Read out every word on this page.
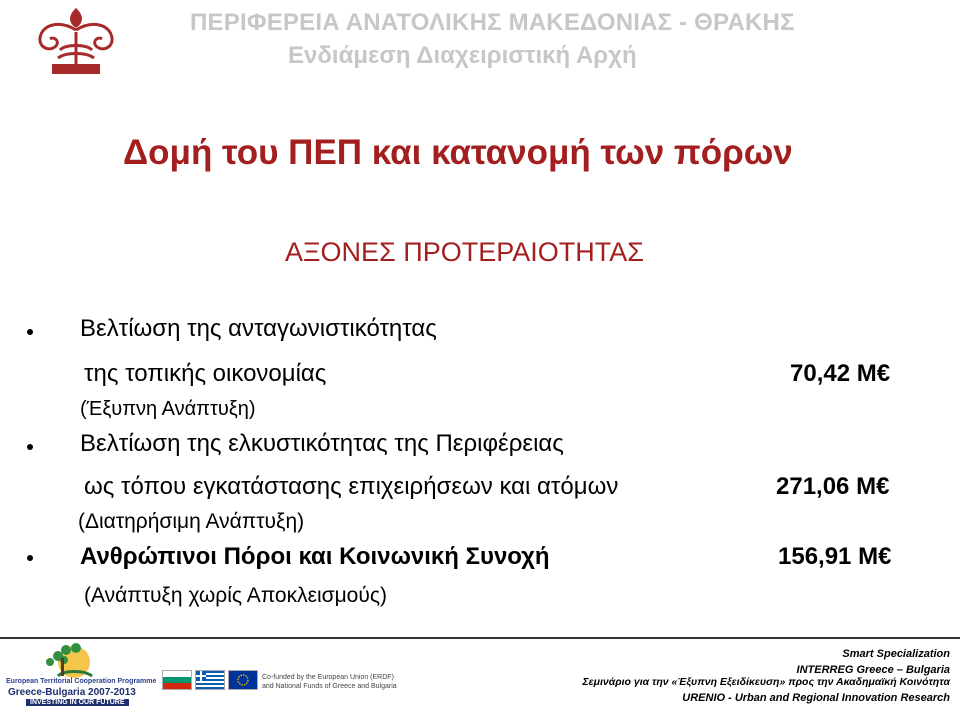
ΠΕΡΙΦΕΡΕΙΑ ΑΝΑΤΟΛΙΚΗΣ ΜΑΚΕΔΟΝΙΑΣ - ΘΡΑΚΗΣ
Ενδιάμεση Διαχειριστική Αρχή
Δομή του ΠΕΠ και κατανομή των πόρων
ΑΞΟΝΕΣ ΠΡΟΤΕΡΑΙΟΤΗΤΑΣ
Βελτίωση της ανταγωνιστικότητας
της τοπικής οικονομίας
(Έξυπνη Ανάπτυξη)
70,42 Μ€
Βελτίωση της ελκυστικότητας της Περιφέρειας
ως τόπου εγκατάστασης επιχειρήσεων και ατόμων
(Διατηρήσιμη Ανάπτυξη)
271,06 Μ€
Ανθρώπινοι Πόροι και Κοινωνική Συνοχή
(Ανάπτυξη χωρίς Αποκλεισμούς)
156,91 Μ€
European Territorial Cooperation Programme
Greece-Bulgaria 2007-2013
INVESTING IN OUR FUTURE
Co-funded by the European Union (ERDF)
and National Funds of Greece and Bulgaria
Smart Specialization
INTERREG Greece – Bulgaria
Σεμινάριο για την «Έξυπνη Εξειδίκευση» προς την Ακαδημαϊκή Κοινότητα
URENIO - Urban and Regional Innovation Research
